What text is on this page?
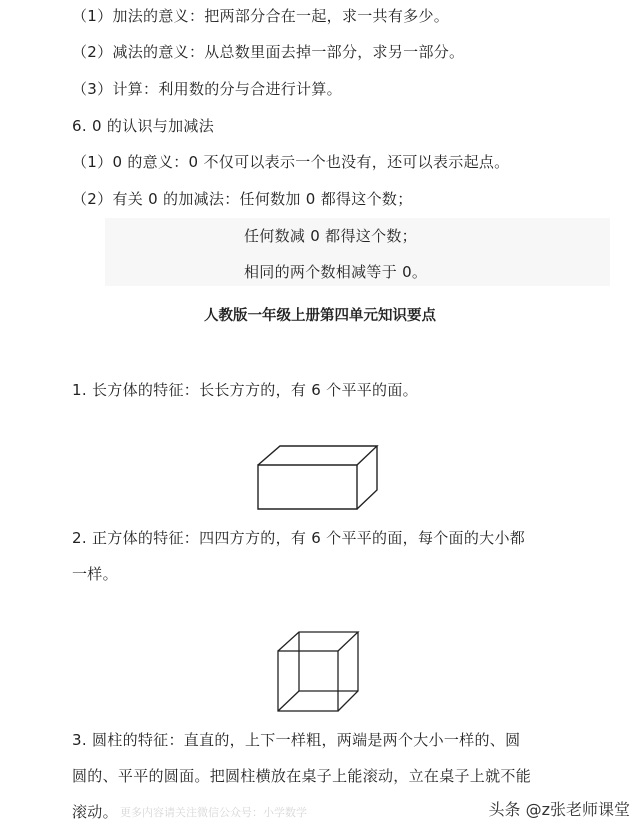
（1）加法的意义：把两部分合在一起，求一共有多少。
（2）减法的意义：从总数里面去掉一部分，求另一部分。
（3）计算：利用数的分与合进行计算。
6. 0 的认识与加减法
（1）0 的意义：0 不仅可以表示一个也没有，还可以表示起点。
（2）有关 0 的加减法：任何数加 0 都得这个数；
任何数减 0 都得这个数；
相同的两个数相减等于 0。
人教版一年级上册第四单元知识要点
1. 长方体的特征：长长方方的，有 6 个平平的面。
2. 正方体的特征：四四方方的，有 6 个平平的面，每个面的大小都
一样。
3. 圆柱的特征：直直的，上下一样粗，两端是两个大小一样的、圆
圆的、平平的圆面。把圆柱横放在桌子上能滚动，立在桌子上就不能
滚动。 更多内容请关注微信公众号：小学数学	头条 @z张老师课堂
